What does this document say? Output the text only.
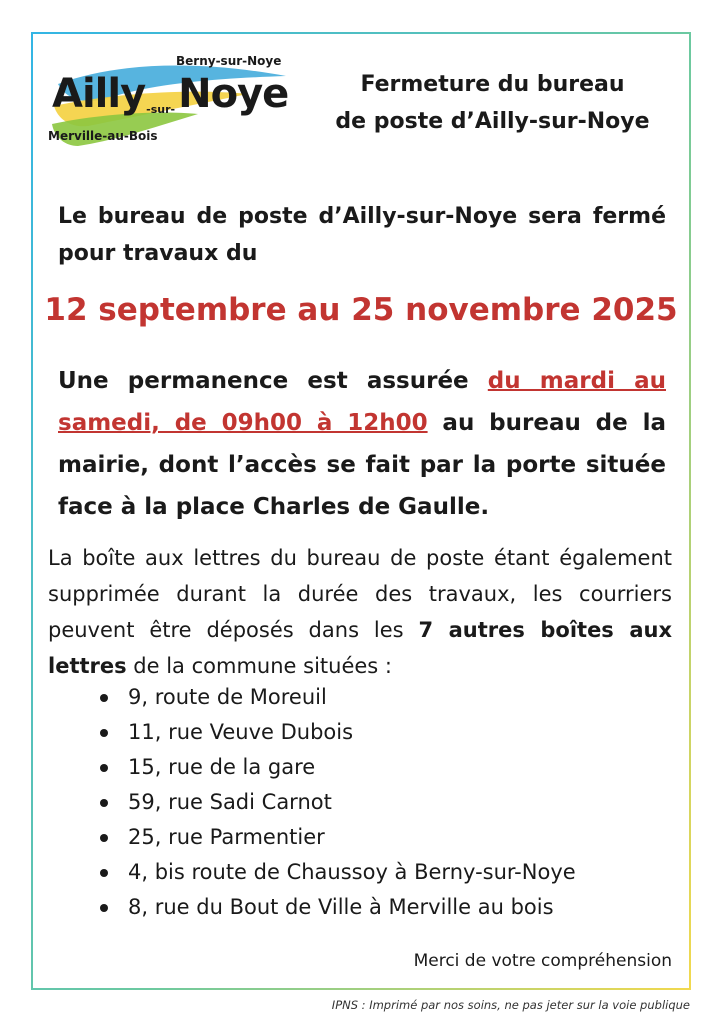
Berny-sur-Noye
Ailly-sur-Noye
Merville-au-Bois
Fermeture du bureau
de poste d’Ailly-sur-Noye
Le bureau de poste d’Ailly-sur-Noye sera fermé pour travaux du
12 septembre au 25 novembre 2025
Une permanence est assurée du mardi au samedi, de 09h00 à 12h00 au bureau de la mairie, dont l’accès se fait par la porte située face à la place Charles de Gaulle.
La boîte aux lettres du bureau de poste étant également supprimée durant la durée des travaux, les courriers peuvent être déposés dans les 7 autres boîtes aux lettres de la commune situées :
9, route de Moreuil
11, rue Veuve Dubois
15, rue de la gare
59, rue Sadi Carnot
25, rue Parmentier
4, bis route de Chaussoy à Berny-sur-Noye
8, rue du Bout de Ville à Merville au bois
Merci de votre compréhension
IPNS : Imprimé par nos soins, ne pas jeter sur la voie publique
